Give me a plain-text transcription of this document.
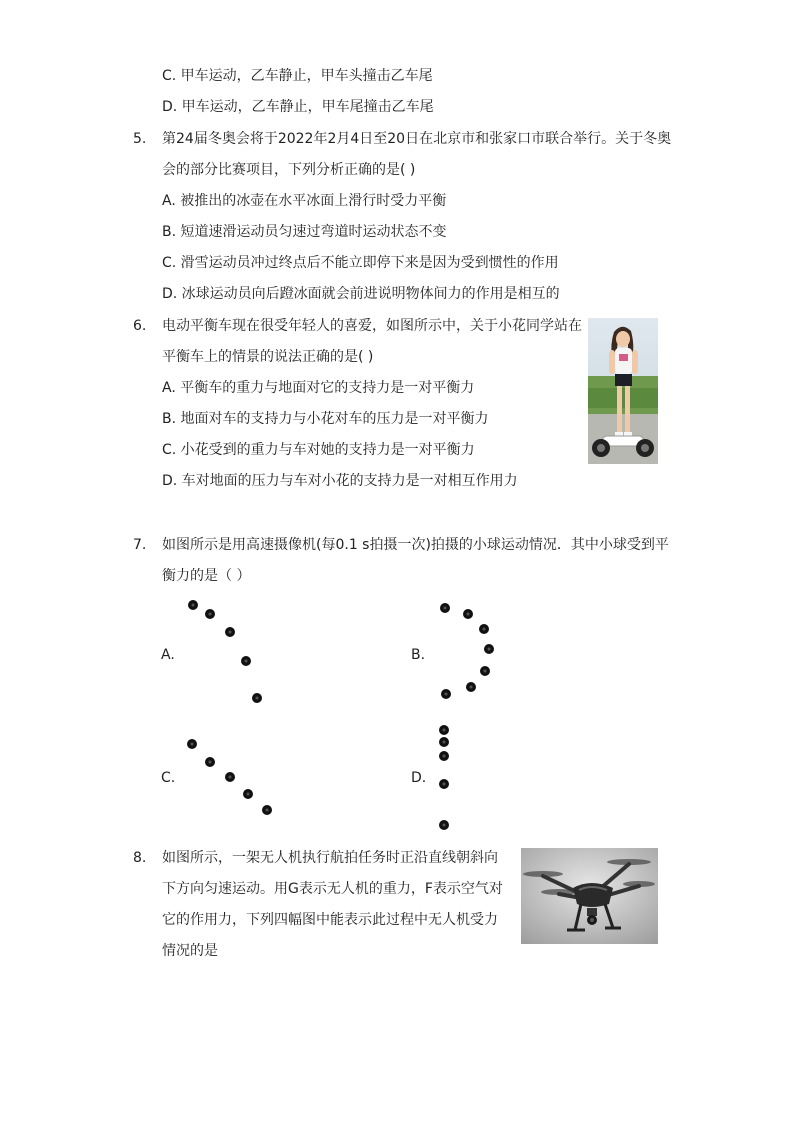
C. 甲车运动，乙车静止，甲车头撞击乙车尾
D. 甲车运动，乙车静止，甲车尾撞击乙车尾
5. 第24届冬奥会将于2022年2月4日至20日在北京市和张家口市联合举行。关于冬奥
会的部分比赛项目，下列分析正确的是( )
A. 被推出的冰壶在水平冰面上滑行时受力平衡
B. 短道速滑运动员匀速过弯道时运动状态不变
C. 滑雪运动员冲过终点后不能立即停下来是因为受到惯性的作用
D. 冰球运动员向后蹬冰面就会前进说明物体间力的作用是相互的
6. 电动平衡车现在很受年轻人的喜爱，如图所示中，关于小花同学站在
平衡车上的情景的说法正确的是( )
A. 平衡车的重力与地面对它的支持力是一对平衡力
B. 地面对车的支持力与小花对车的压力是一对平衡力
C. 小花受到的重力与车对她的支持力是一对平衡力
D. 车对地面的压力与车对小花的支持力是一对相互作用力
7. 如图所示是用高速摄像机(每0.1 s拍摄一次)拍摄的小球运动情况．其中小球受到平
衡力的是（ ）
A.	B.
C.	D.
8. 如图所示，一架无人机执行航拍任务时正沿直线朝斜向
下方向匀速运动。用G表示无人机的重力，F表示空气对
它的作用力，下列四幅图中能表示此过程中无人机受力
情况的是
